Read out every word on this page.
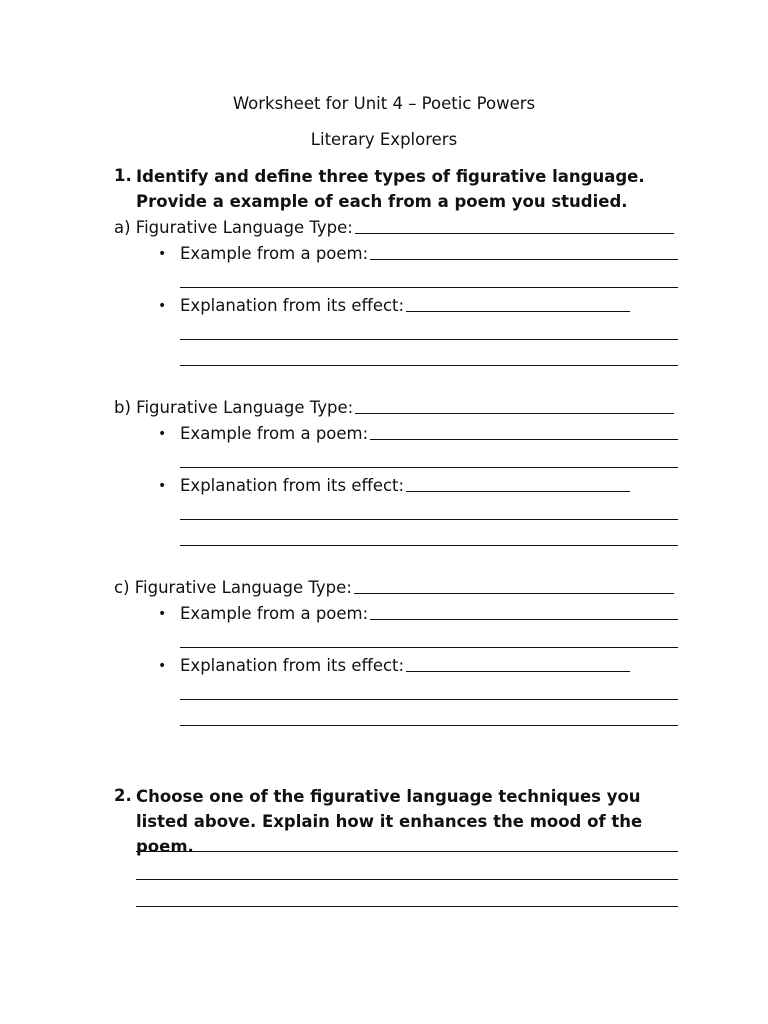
Worksheet for Unit 4 – Poetic Powers
Literary Explorers
1. Identify and define three types of figurative language. Provide a example of each from a poem you studied.
a) Figurative Language Type:
• Example from a poem:
• Explanation from its effect:
b) Figurative Language Type:
• Example from a poem:
• Explanation from its effect:
c) Figurative Language Type:
• Example from a poem:
• Explanation from its effect:
2. Choose one of the figurative language techniques you listed above. Explain how it enhances the mood of the poem.
